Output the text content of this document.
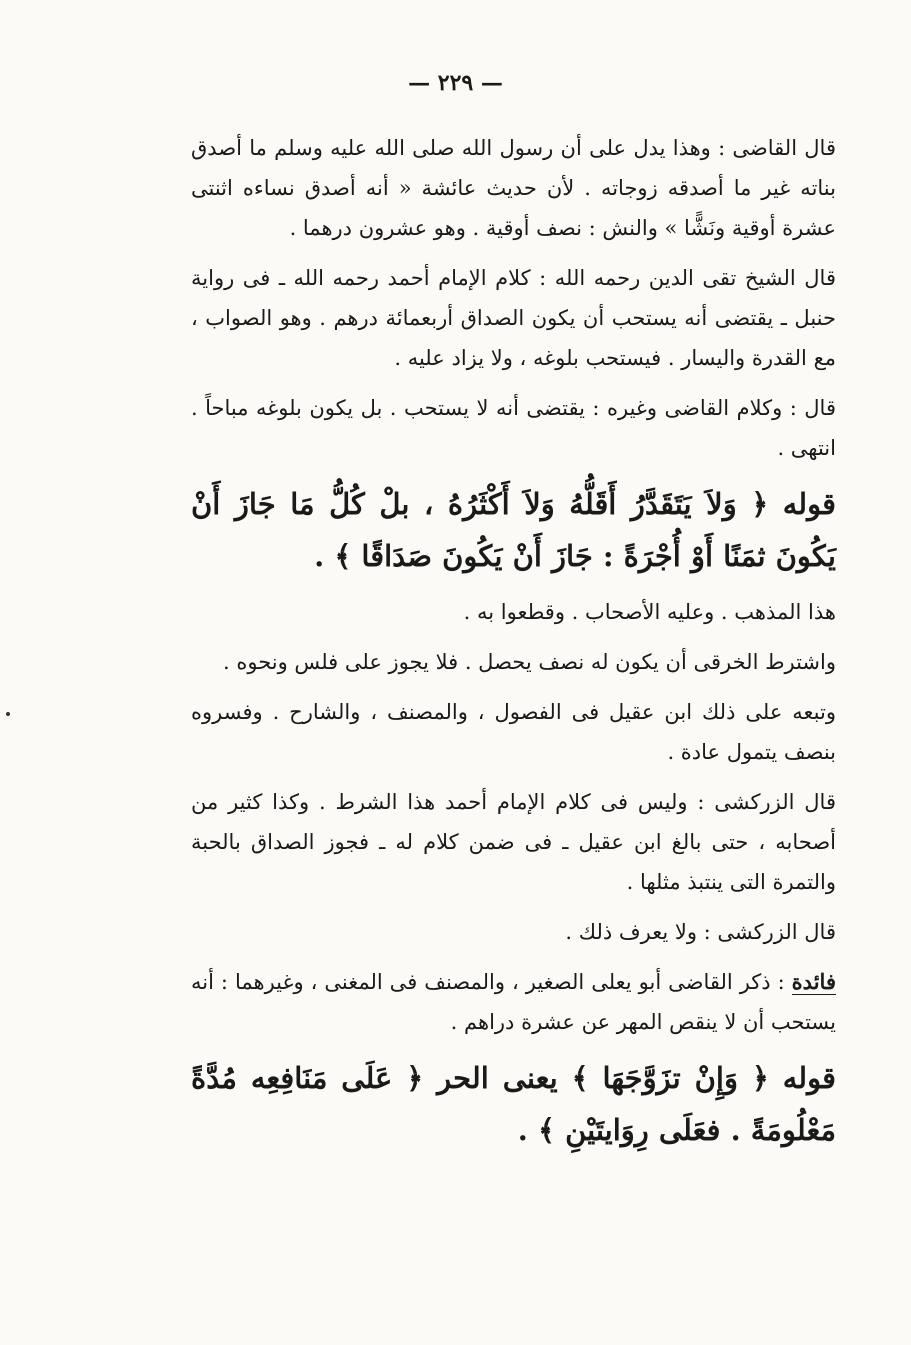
— ٢٢٩ —

قال القاضى : وهذا يدل على أن رسول الله صلى الله عليه وسلم ما أصدق بناته غير ما أصدقه زوجاته . لأن حديث عائشة « أنه أصدق نساءه اثنتى عشرة أوقية ونَشًّا » والنش : نصف أوقية . وهو عشرون درهما .

قال الشيخ تقى الدين رحمه الله : كلام الإمام أحمد رحمه الله ـ فى رواية حنبل ـ يقتضى أنه يستحب أن يكون الصداق أربعمائة درهم . وهو الصواب ، مع القدرة واليسار . فيستحب بلوغه ، ولا يزاد عليه .

قال : وكلام القاضى وغيره : يقتضى أنه لا يستحب . بل يكون بلوغه مباحاً . انتهى .

قوله ﴿ وَلاَ يَتَقَدَّرُ أَقَلُّهُ وَلاَ أَكْثَرُهُ ، بلْ كُلُّ مَا جَازَ أَنْ يَكُونَ ثمَنًا أَوْ أُجْرَةً : جَازَ أَنْ يَكُونَ صَدَاقًا ﴾ .

هذا المذهب . وعليه الأصحاب . وقطعوا به .

واشترط الخرقى أن يكون له نصف يحصل . فلا يجوز على فلس ونحوه .

وتبعه على ذلك ابن عقيل فى الفصول ، والمصنف ، والشارح . وفسروه بنصف يتمول عادة .

قال الزركشى : وليس فى كلام الإمام أحمد هذا الشرط . وكذا كثير من أصحابه ، حتى بالغ ابن عقيل ـ فى ضمن كلام له ـ فجوز الصداق بالحبة والتمرة التى ينتبذ مثلها .

قال الزركشى : ولا يعرف ذلك .

فائدة : ذكر القاضى أبو يعلى الصغير ، والمصنف فى المغنى ، وغيرهما : أنه يستحب أن لا ينقص المهر عن عشرة دراهم .

قوله ﴿ وَإِنْ تزَوَّجَهَا ﴾ يعنى الحر ﴿ عَلَى مَنَافِعِه مُدَّةً مَعْلُومَةً . فعَلَى رِوَايتَيْنِ ﴾ .
